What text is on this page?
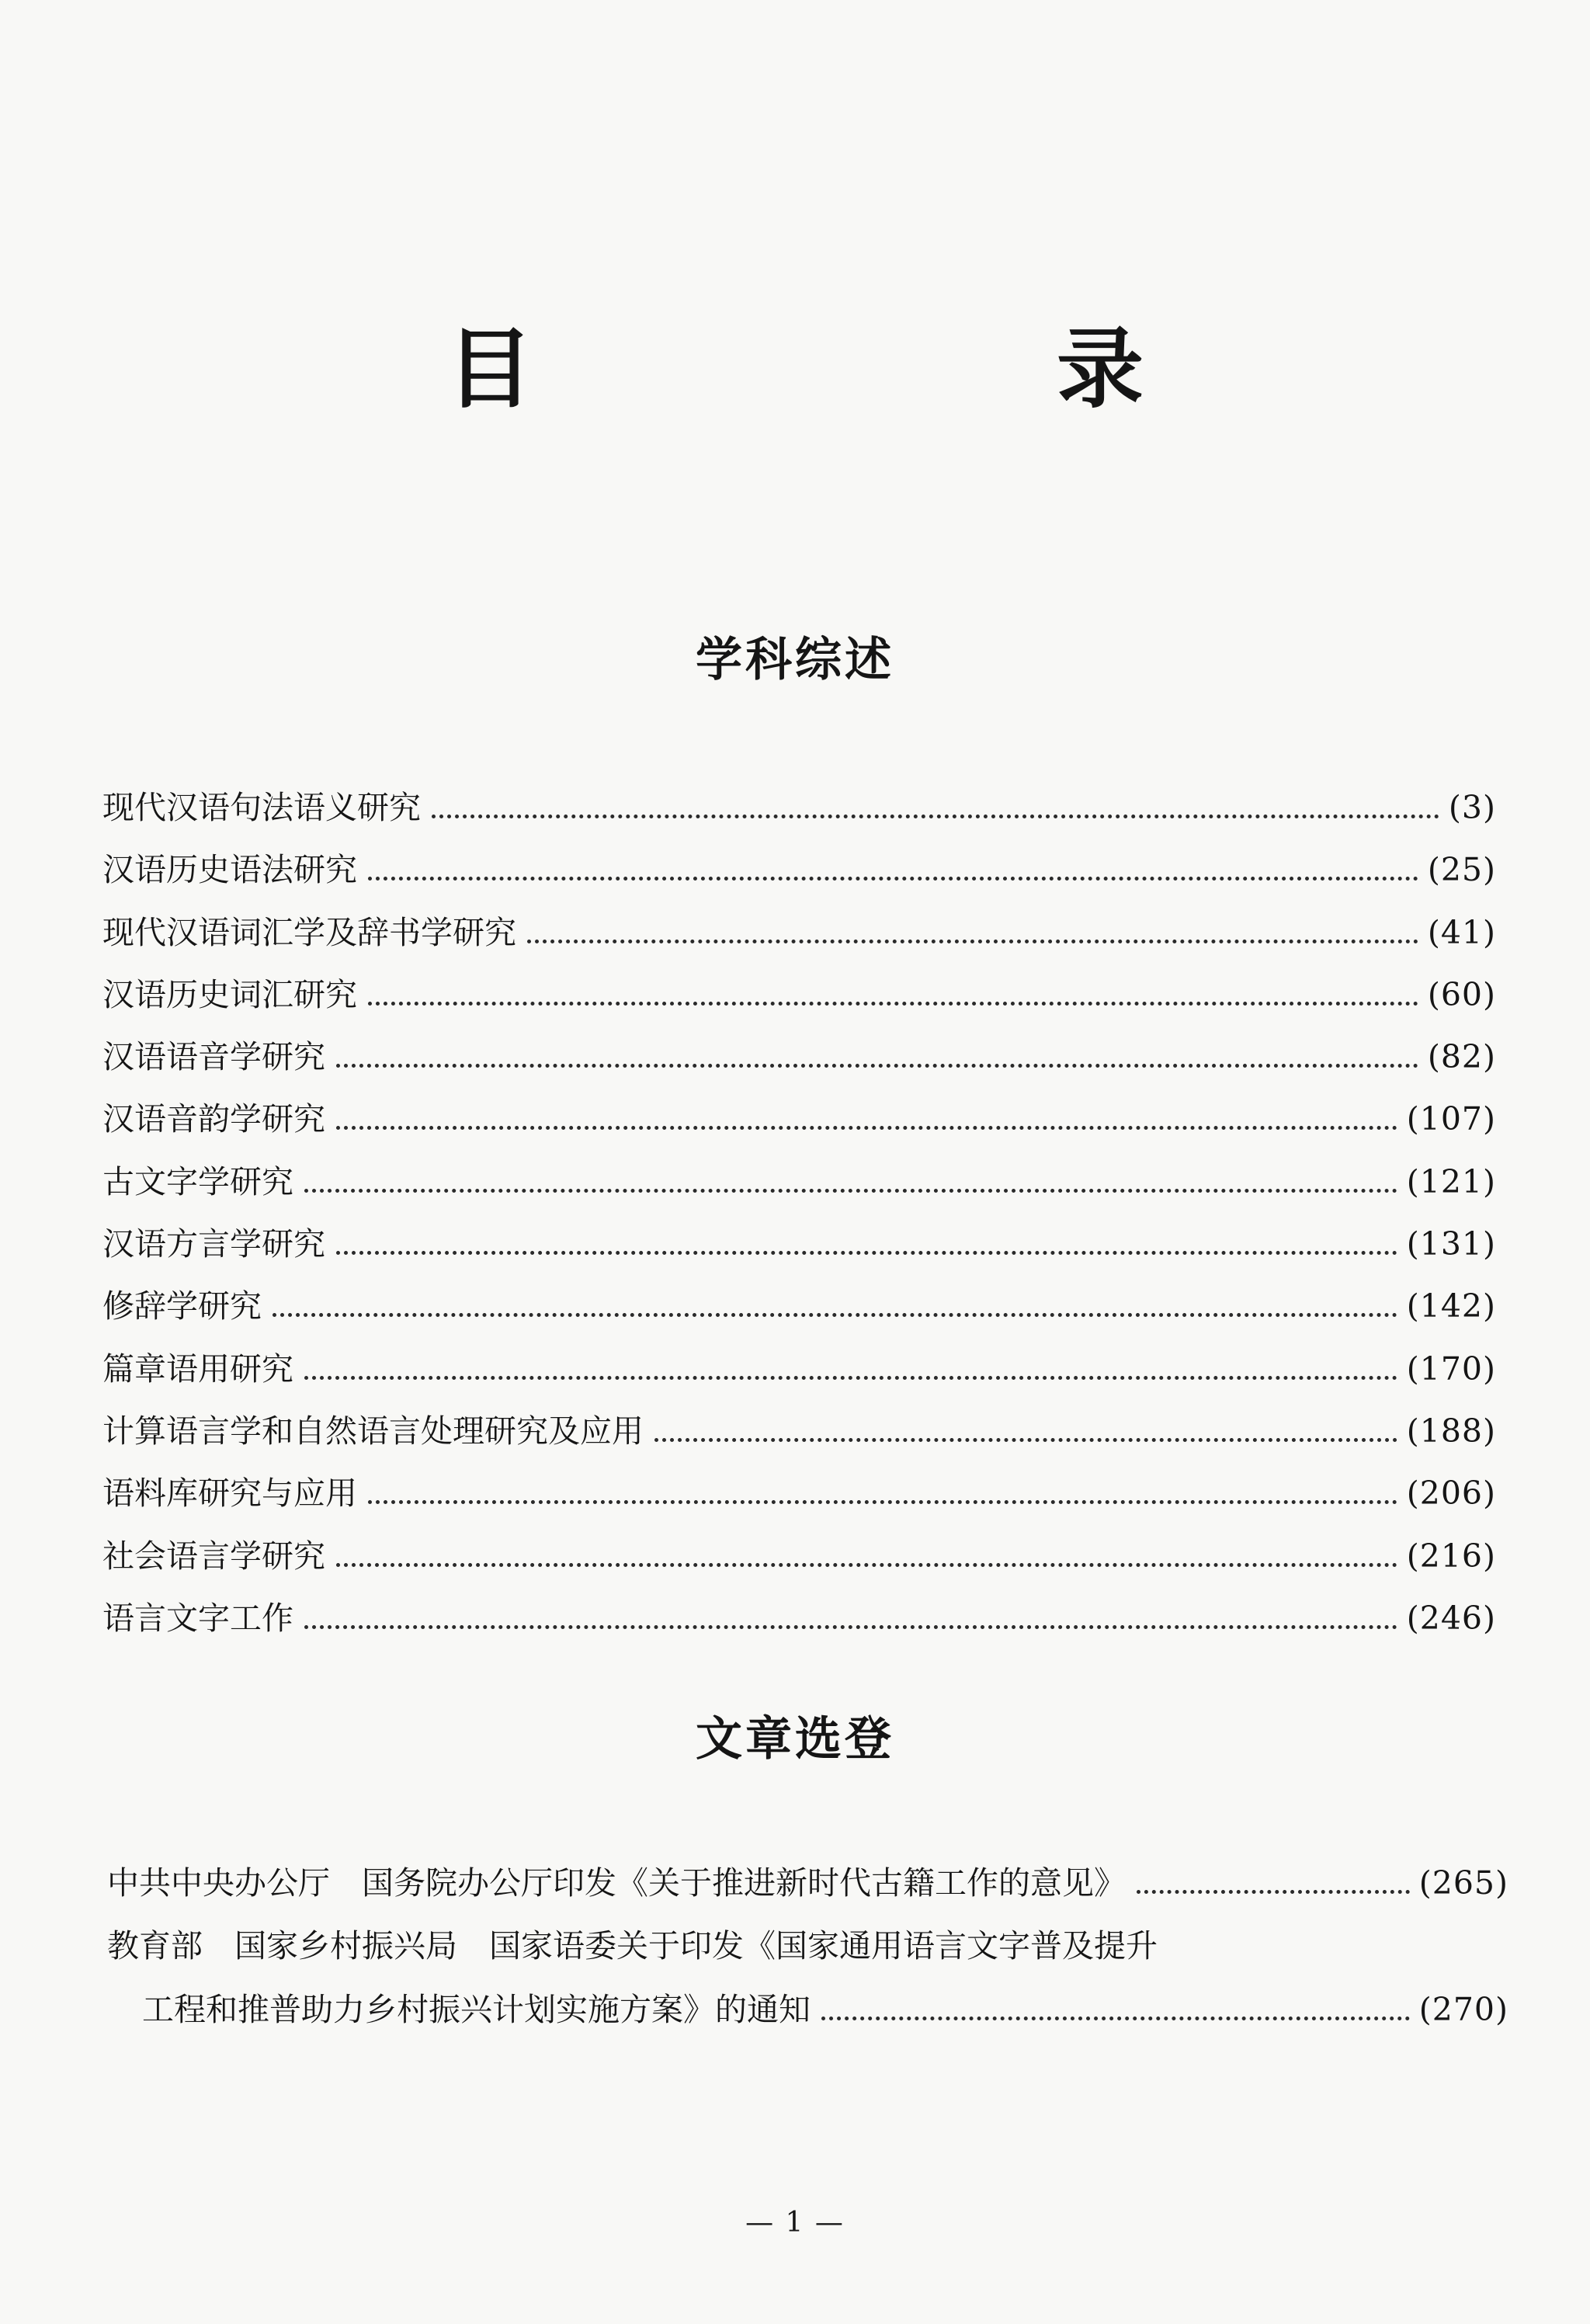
目　　录
学科综述
现代汉语句法语义研究	(3)
汉语历史语法研究	(25)
现代汉语词汇学及辞书学研究	(41)
汉语历史词汇研究	(60)
汉语语音学研究	(82)
汉语音韵学研究	(107)
古文字学研究	(121)
汉语方言学研究	(131)
修辞学研究	(142)
篇章语用研究	(170)
计算语言学和自然语言处理研究及应用	(188)
语料库研究与应用	(206)
社会语言学研究	(216)
语言文字工作	(246)
文章选登
中共中央办公厅　国务院办公厅印发《关于推进新时代古籍工作的意见》	(265)
教育部　国家乡村振兴局　国家语委关于印发《国家通用语言文字普及提升
工程和推普助力乡村振兴计划实施方案》的通知	(270)
— 1 —
